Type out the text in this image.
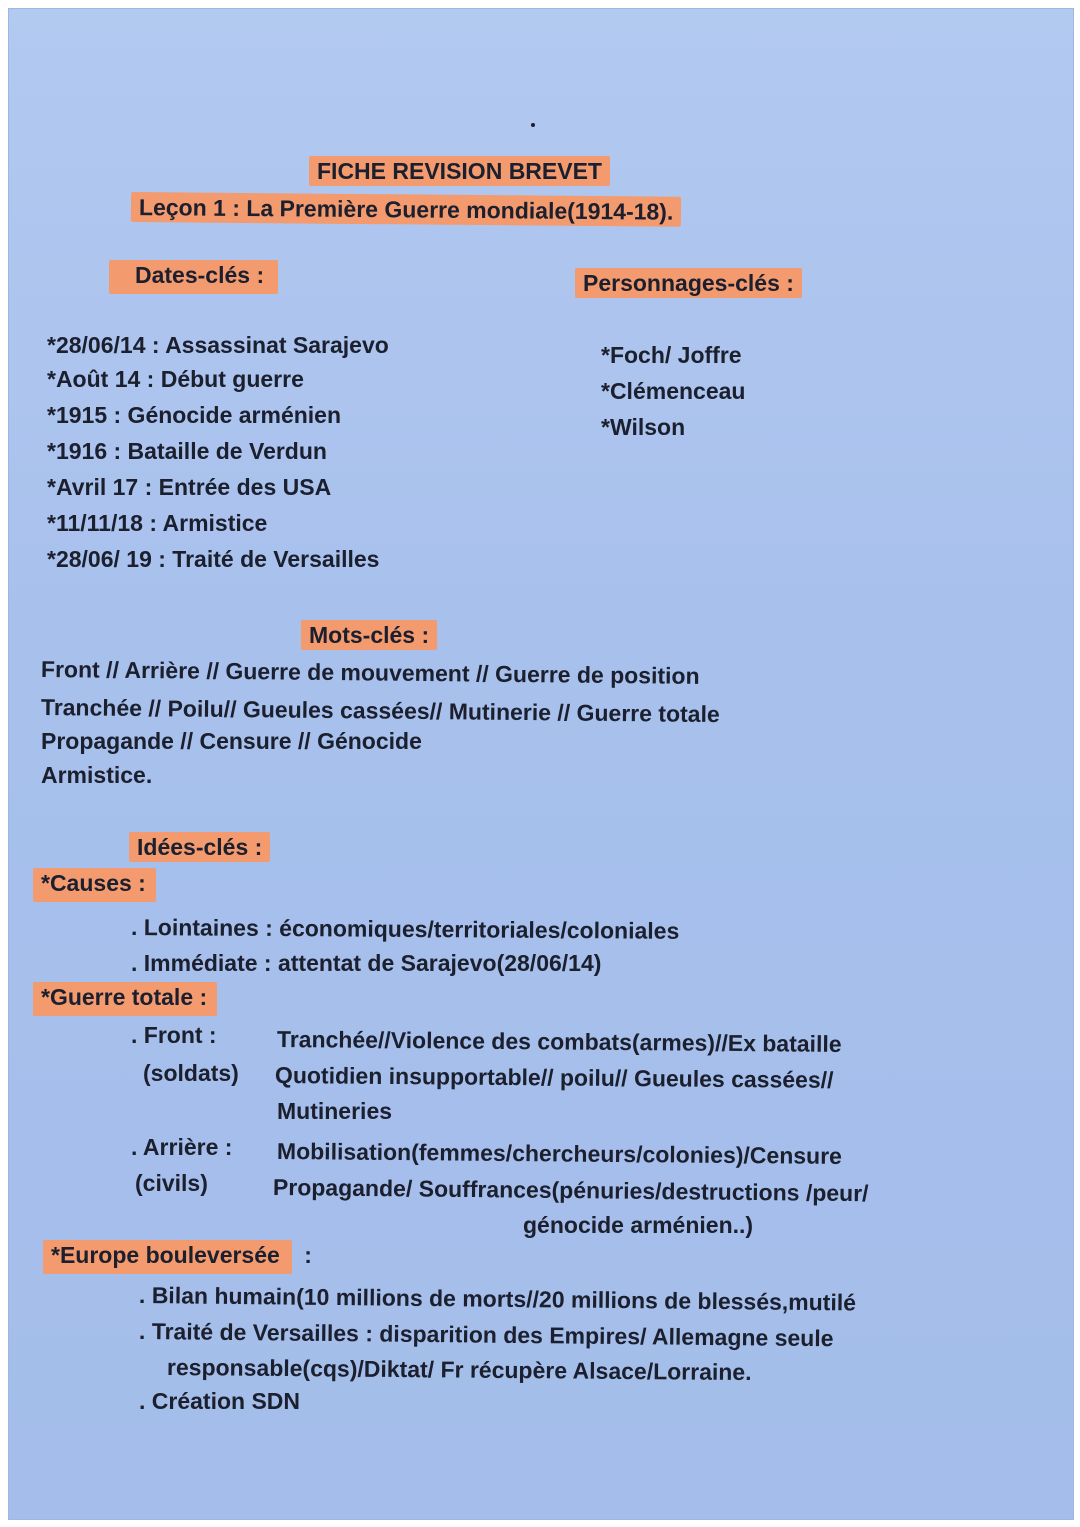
FICHE REVISION BREVET

Leçon 1 : La Première Guerre mondiale(1914-18).

Dates-clés :	Personnages-clés :

*28/06/14 : Assassinat Sarajevo

*Août 14 : Début guerre

*1915 : Génocide arménien

*1916 : Bataille de Verdun

*Avril 17 : Entrée des USA

*11/11/18 : Armistice

*28/06/ 19 : Traité de Versailles

*Foch/ Joffre

*Clémenceau

*Wilson

Mots-clés :

Front // Arrière // Guerre de mouvement // Guerre de position

Tranchée // Poilu// Gueules cassées// Mutinerie // Guerre totale

Propagande // Censure // Génocide

Armistice.

Idées-clés :

*Causes :

. Lointaines : économiques/territoriales/coloniales

. Immédiate : attentat de Sarajevo(28/06/14)

*Guerre totale :

. Front :

(soldats)

Tranchée//Violence des combats(armes)//Ex bataille

Quotidien insupportable// poilu// Gueules cassées//

Mutineries

. Arrière :

(civils)

Mobilisation(femmes/chercheurs/colonies)/Censure

Propagande/ Souffrances(pénuries/destructions /peur/

génocide arménien..)

*Europe bouleversée :

. Bilan humain(10 millions de morts//20 millions de blessés,mutilé

. Traité de Versailles : disparition des Empires/ Allemagne seule

responsable(cqs)/Diktat/ Fr récupère Alsace/Lorraine.

. Création SDN
